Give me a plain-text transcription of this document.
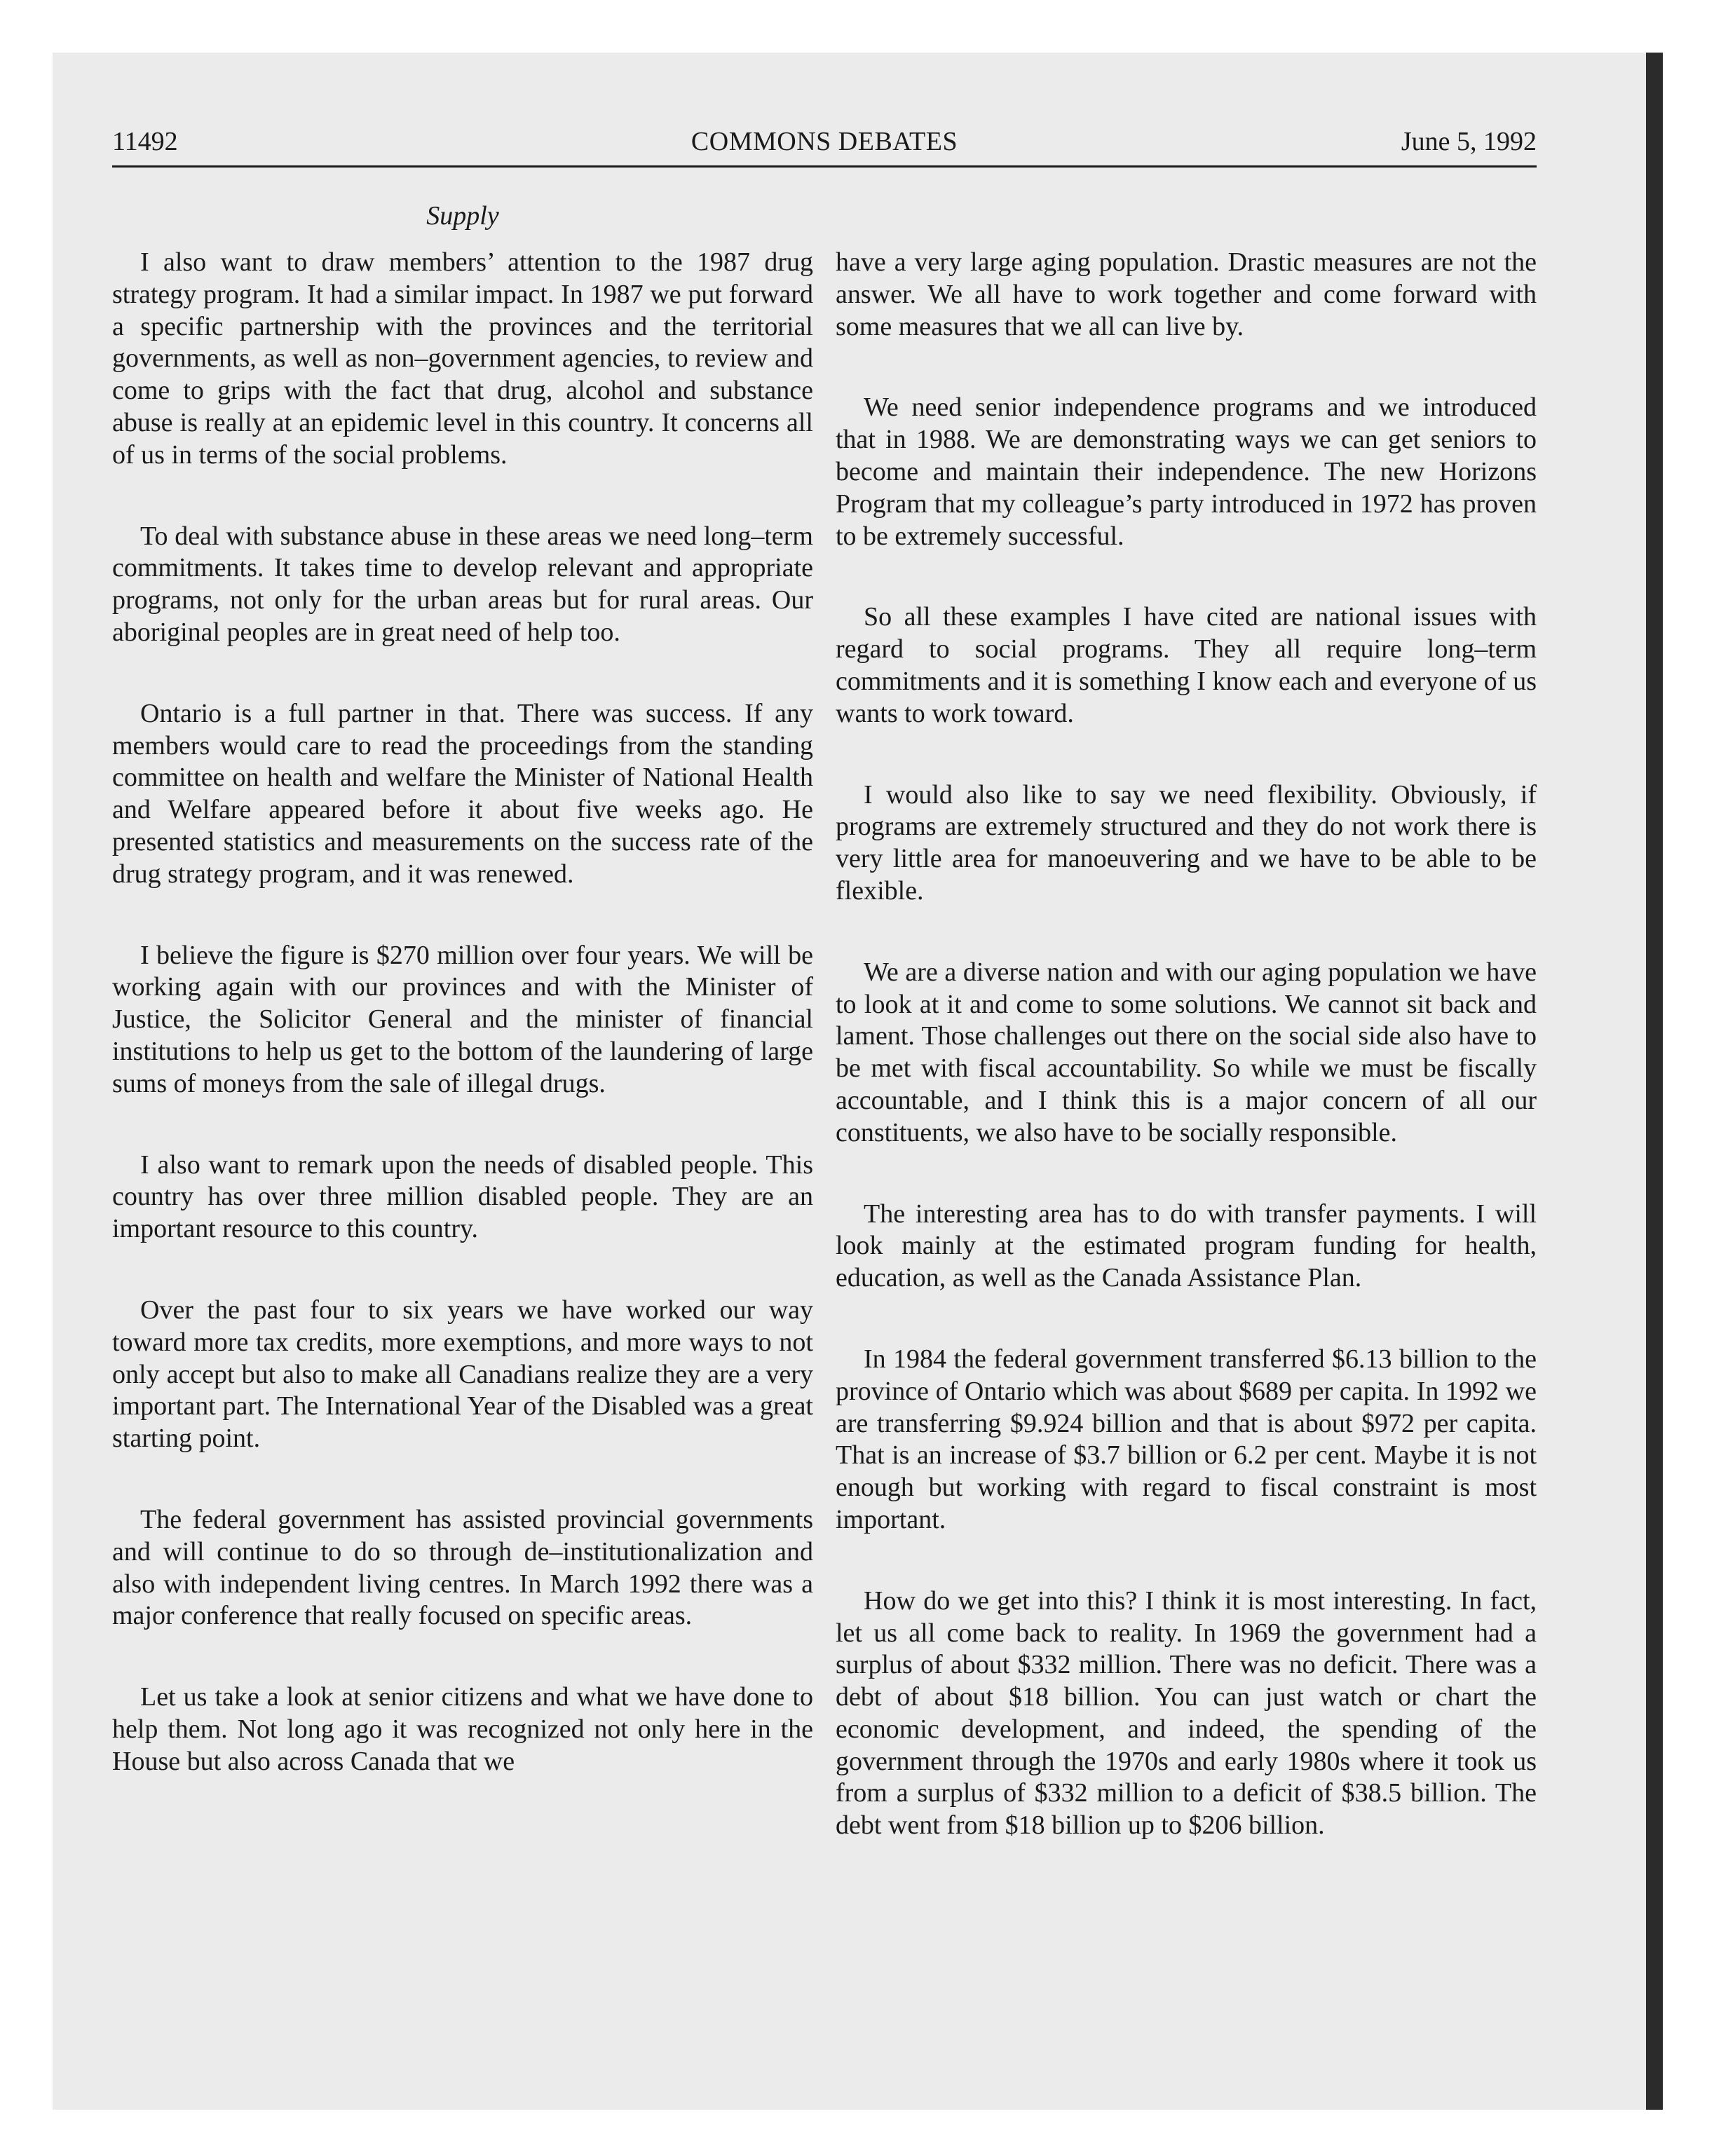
11492	COMMONS DEBATES	June 5, 1992
Supply

I also want to draw members’ attention to the 1987 drug strategy program. It had a similar impact. In 1987 we put forward a specific partnership with the provinces and the territorial governments, as well as non–government agencies, to review and come to grips with the fact that drug, alcohol and substance abuse is really at an epidemic level in this country. It concerns all of us in terms of the social problems.

To deal with substance abuse in these areas we need long–term commitments. It takes time to develop relevant and appropriate programs, not only for the urban areas but for rural areas. Our aboriginal peoples are in great need of help too.

Ontario is a full partner in that. There was success. If any members would care to read the proceedings from the standing committee on health and welfare the Minister of National Health and Welfare appeared before it about five weeks ago. He presented statistics and measurements on the success rate of the drug strategy program, and it was renewed.

I believe the figure is $270 million over four years. We will be working again with our provinces and with the Minister of Justice, the Solicitor General and the minister of financial institutions to help us get to the bottom of the laundering of large sums of moneys from the sale of illegal drugs.

I also want to remark upon the needs of disabled people. This country has over three million disabled people. They are an important resource to this country.

Over the past four to six years we have worked our way toward more tax credits, more exemptions, and more ways to not only accept but also to make all Canadians realize they are a very important part. The International Year of the Disabled was a great starting point.

The federal government has assisted provincial governments and will continue to do so through de–institutionalization and also with independent living centres. In March 1992 there was a major conference that really focused on specific areas.

Let us take a look at senior citizens and what we have done to help them. Not long ago it was recognized not only here in the House but also across Canada that we

have a very large aging population. Drastic measures are not the answer. We all have to work together and come forward with some measures that we all can live by.

We need senior independence programs and we introduced that in 1988. We are demonstrating ways we can get seniors to become and maintain their independence. The new Horizons Program that my colleague’s party introduced in 1972 has proven to be extremely successful.

So all these examples I have cited are national issues with regard to social programs. They all require long–term commitments and it is something I know each and everyone of us wants to work toward.

I would also like to say we need flexibility. Obviously, if programs are extremely structured and they do not work there is very little area for manoeuvering and we have to be able to be flexible.

We are a diverse nation and with our aging population we have to look at it and come to some solutions. We cannot sit back and lament. Those challenges out there on the social side also have to be met with fiscal accountability. So while we must be fiscally accountable, and I think this is a major concern of all our constituents, we also have to be socially responsible.

The interesting area has to do with transfer payments. I will look mainly at the estimated program funding for health, education, as well as the Canada Assistance Plan.

In 1984 the federal government transferred $6.13 billion to the province of Ontario which was about $689 per capita. In 1992 we are transferring $9.924 billion and that is about $972 per capita. That is an increase of $3.7 billion or 6.2 per cent. Maybe it is not enough but working with regard to fiscal constraint is most important.

How do we get into this? I think it is most interesting. In fact, let us all come back to reality. In 1969 the government had a surplus of about $332 million. There was no deficit. There was a debt of about $18 billion. You can just watch or chart the economic development, and indeed, the spending of the government through the 1970s and early 1980s where it took us from a surplus of $332 million to a deficit of $38.5 billion. The debt went from $18 billion up to $206 billion.
